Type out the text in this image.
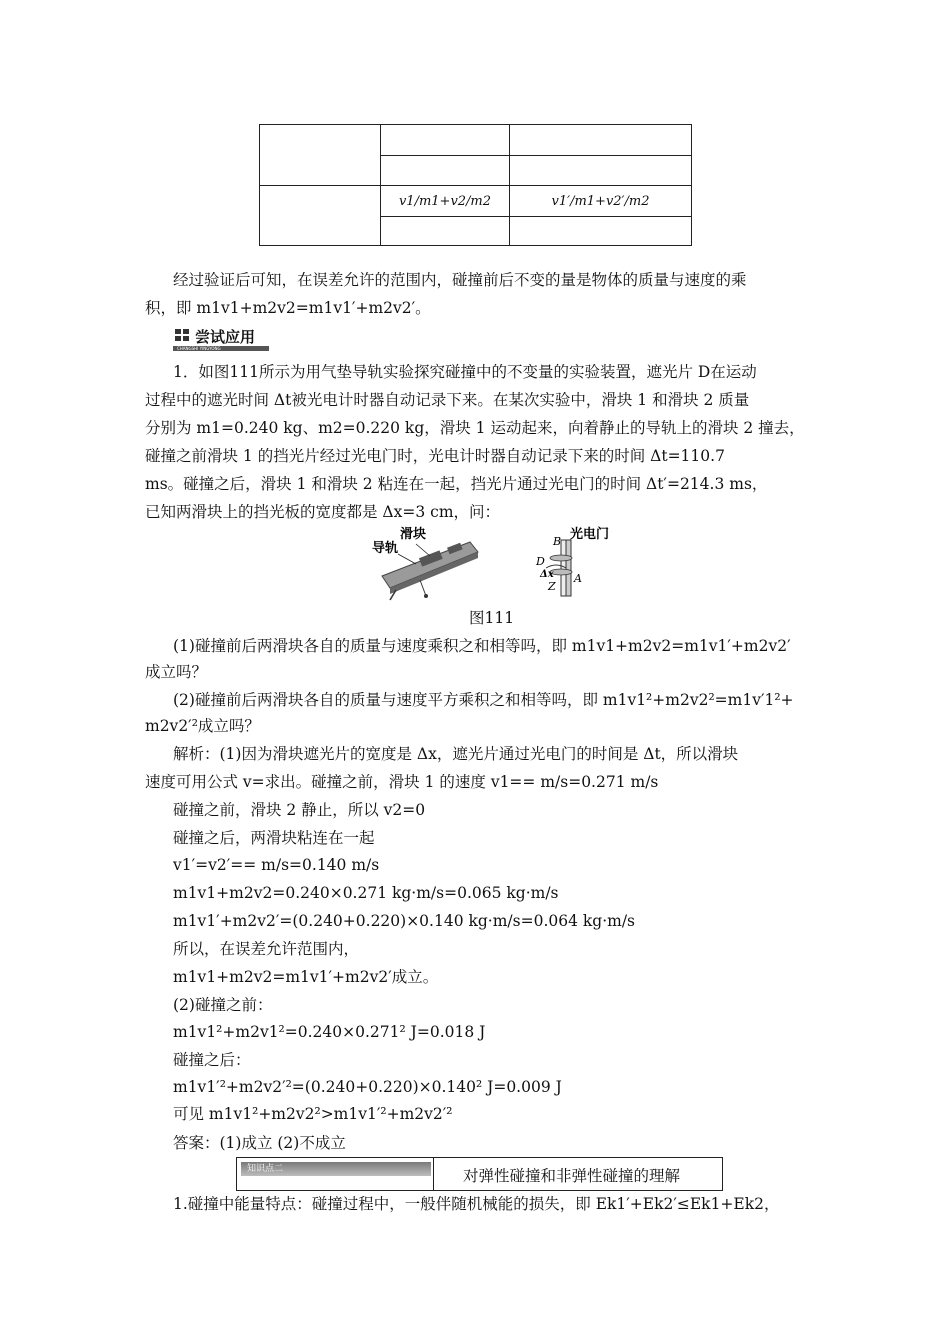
	v1/m1+v2/m2	v1′/m1+v2′/m2

经过验证后可知，在误差允许的范围内，碰撞前后不变的量是物体的质量与速度的乘
积，即 m1v1+m2v2=m1v1′+m2v2′。
尝试应用
CHANGSHI YINGYONG
1．如图111所示为用气垫导轨实验探究碰撞中的不变量的实验装置，遮光片 D在运动
过程中的遮光时间 Δt被光电计时器自动记录下来。在某次实验中，滑块 1 和滑块 2 质量
分别为 m1=0.240 kg、m2=0.220 kg，滑块 1 运动起来，向着静止的导轨上的滑块 2 撞去，
碰撞之前滑块 1 的挡光片经过光电门时，光电计时器自动记录下来的时间 Δt=110.7
ms。碰撞之后，滑块 1 和滑块 2 粘连在一起，挡光片通过光电门的时间 Δt′=214.3 ms，
已知两滑块上的挡光板的宽度都是 Δx=3 cm，问：
滑块
导轨
光电门
B
D
Δx
Z
A
图111
(1)碰撞前后两滑块各自的质量与速度乘积之和相等吗，即 m1v1+m2v2=m1v1′+m2v2′
成立吗？
(2)碰撞前后两滑块各自的质量与速度平方乘积之和相等吗，即 m1v1²+m2v2²=m1v′1²+
m2v2′²成立吗？
解析：(1)因为滑块遮光片的宽度是 Δx，遮光片通过光电门的时间是 Δt，所以滑块
速度可用公式 v=求出。碰撞之前，滑块 1 的速度 v1== m/s=0.271 m/s
碰撞之前，滑块 2 静止，所以 v2=0
碰撞之后，两滑块粘连在一起
v1′=v2′== m/s=0.140 m/s
m1v1+m2v2=0.240×0.271 kg·m/s=0.065 kg·m/s
m1v1′+m2v2′=(0.240+0.220)×0.140 kg·m/s=0.064 kg·m/s
所以，在误差允许范围内，
m1v1+m2v2=m1v1′+m2v2′成立。
(2)碰撞之前：
m1v1²+m2v1²=0.240×0.271² J=0.018 J
碰撞之后：
m1v1′²+m2v2′²=(0.240+0.220)×0.140² J=0.009 J
可见 m1v1²+m2v2²>m1v1′²+m2v2′²
答案：(1)成立 (2)不成立
知识点二	对弹性碰撞和非弹性碰撞的理解
1.碰撞中能量特点：碰撞过程中，一般伴随机械能的损失，即 Ek1′+Ek2′≤Ek1+Ek2，
